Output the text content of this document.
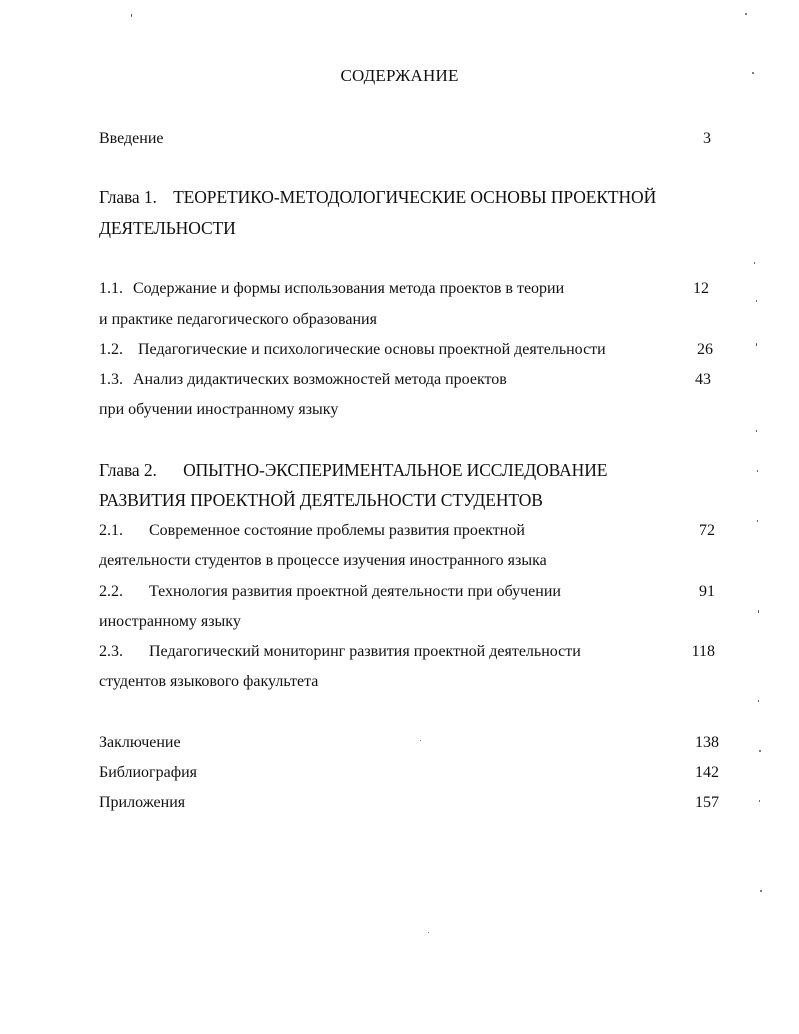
СОДЕРЖАНИЕ
Введение	3
Глава 1. ТЕОРЕТИКО-МЕТОДОЛОГИЧЕСКИЕ ОСНОВЫ ПРОЕКТНОЙ
ДЕЯТЕЛЬНОСТИ
1.1. Содержание и формы использования метода проектов в теории	12
и практике педагогического образования
1.2. Педагогические и психологические основы проектной деятельности	26
1.3. Анализ дидактических возможностей метода проектов	43
при обучении иностранному языку
Глава 2. ОПЫТНО-ЭКСПЕРИМЕНТАЛЬНОЕ ИССЛЕДОВАНИЕ
РАЗВИТИЯ ПРОЕКТНОЙ ДЕЯТЕЛЬНОСТИ СТУДЕНТОВ
2.1. Современное состояние проблемы развития проектной	72
деятельности студентов в процессе изучения иностранного языка
2.2. Технология развития проектной деятельности при обучении	91
иностранному языку
2.3. Педагогический мониторинг развития проектной деятельности	118
студентов языкового факультета
Заключение	138
Библиография	142
Приложения	157
